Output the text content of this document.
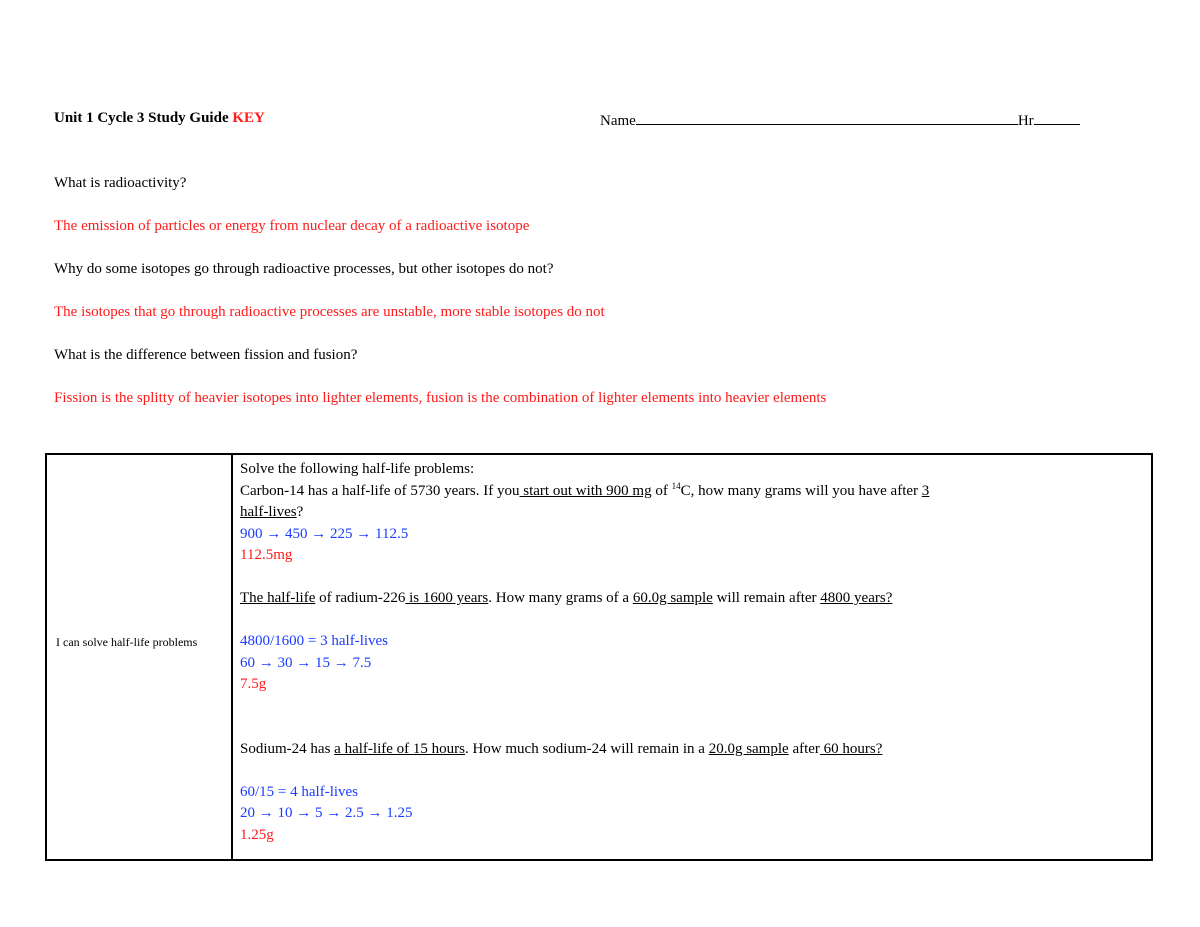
Unit 1 Cycle 3 Study Guide KEY	Name	Hr
What is radioactivity?
The emission of particles or energy from nuclear decay of a radioactive isotope
Why do some isotopes go through radioactive processes, but other isotopes do not?
The isotopes that go through radioactive processes are unstable, more stable isotopes do not
What is the difference between fission and fusion?
Fission is the splitty of heavier isotopes into lighter elements, fusion is the combination of lighter elements into heavier elements
I can solve half-life problems
Solve the following half-life problems:
Carbon-14 has a half-life of 5730 years. If you start out with 900 mg of $^{14}$C, how many grams will you have after 3
half-lives?
900 → 450 → 225 → 112.5
112.5mg
The half-life of radium-226 is 1600 years. How many grams of a 60.0g sample will remain after 4800 years?
4800/1600 = 3 half-lives
60 → 30 → 15 → 7.5
7.5g
Sodium-24 has a half-life of 15 hours. How much sodium-24 will remain in a 20.0g sample after 60 hours?
60/15 = 4 half-lives
20 → 10 → 5 → 2.5 → 1.25
1.25g
